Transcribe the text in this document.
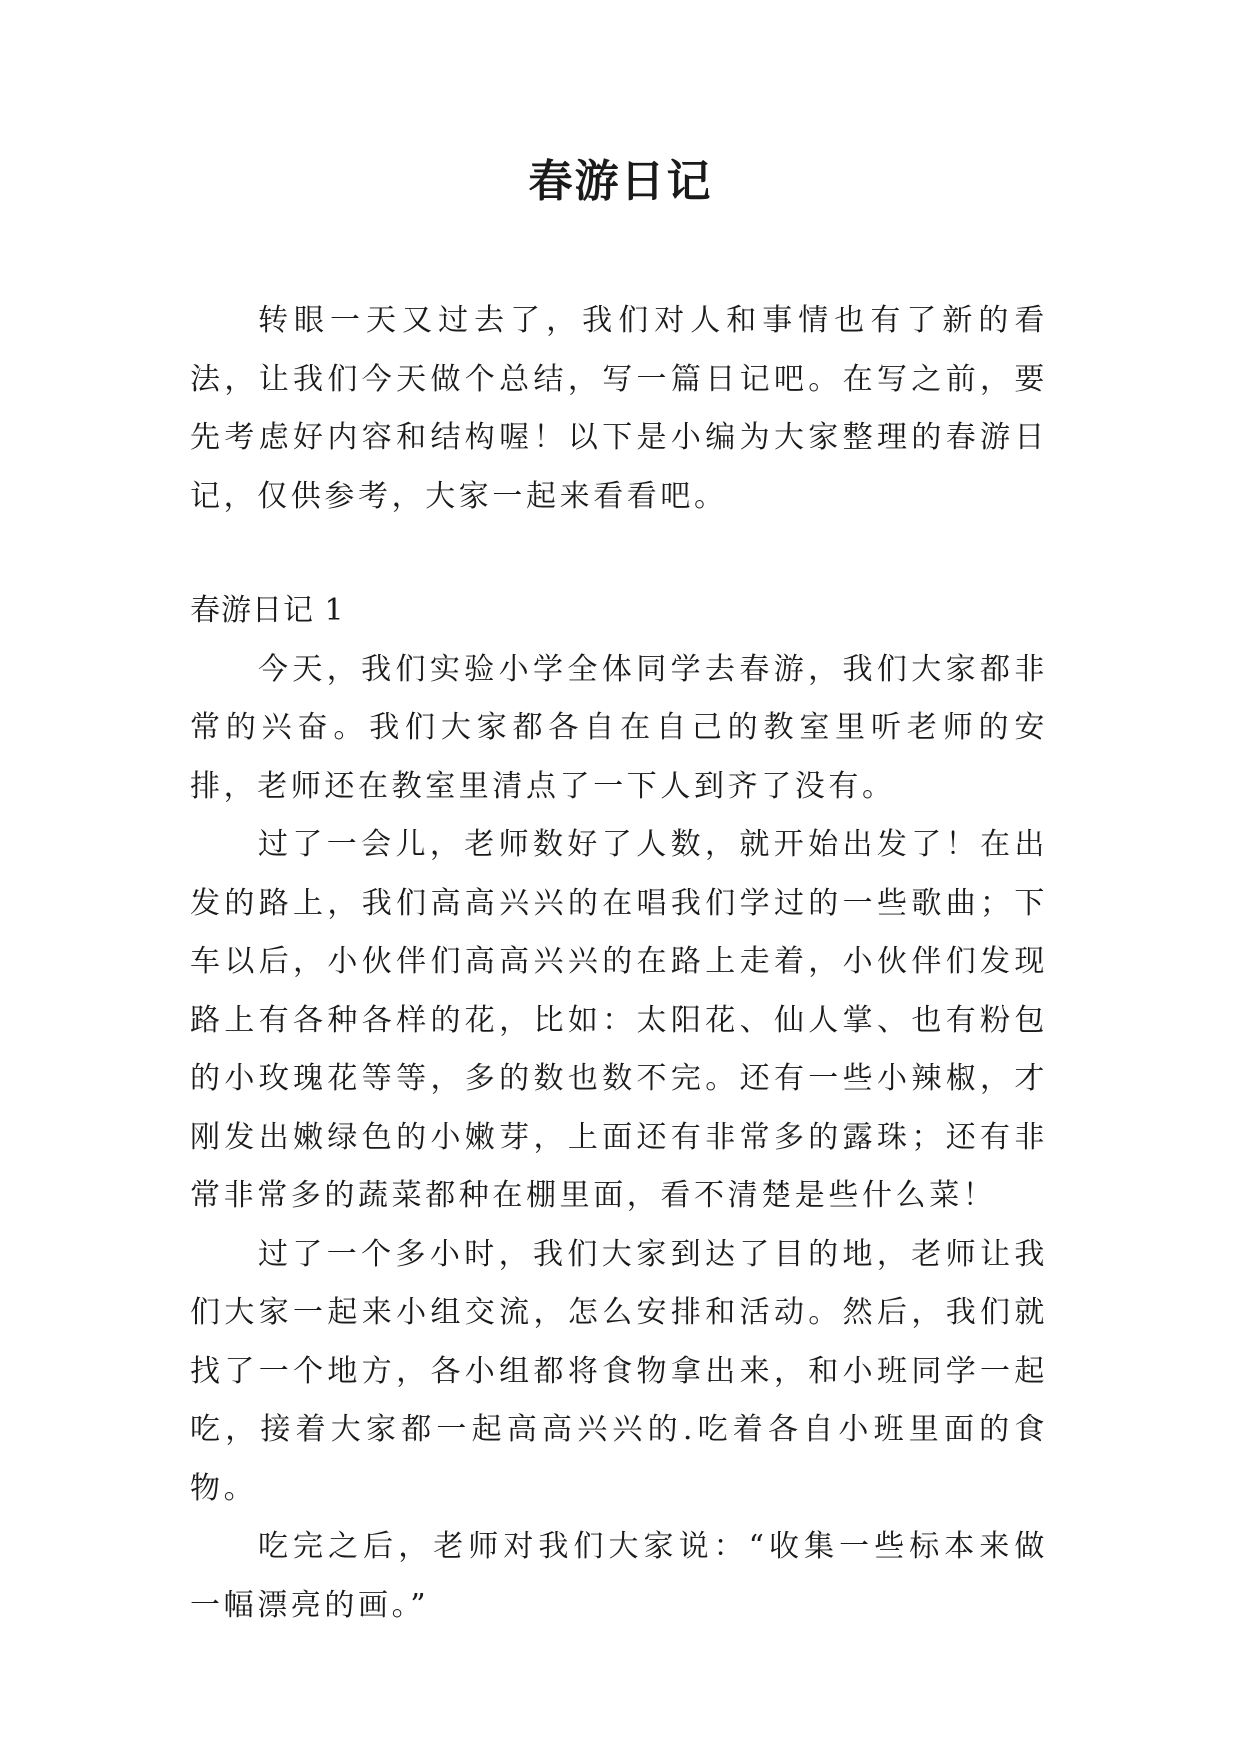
春游日记

转眼一天又过去了，我们对人和事情也有了新的看法，让我们今天做个总结，写一篇日记吧。在写之前，要先考虑好内容和结构喔！以下是小编为大家整理的春游日记，仅供参考，大家一起来看看吧。

春游日记 1

今天，我们实验小学全体同学去春游，我们大家都非常的兴奋。我们大家都各自在自己的教室里听老师的安排，老师还在教室里清点了一下人到齐了没有。

过了一会儿，老师数好了人数，就开始出发了！在出发的路上，我们高高兴兴的在唱我们学过的一些歌曲；下车以后，小伙伴们高高兴兴的在路上走着，小伙伴们发现路上有各种各样的花，比如：太阳花、仙人掌、也有粉包的小玫瑰花等等，多的数也数不完。还有一些小辣椒，才刚发出嫩绿色的小嫩芽，上面还有非常多的露珠；还有非常非常多的蔬菜都种在棚里面，看不清楚是些什么菜！

过了一个多小时，我们大家到达了目的地，老师让我们大家一起来小组交流，怎么安排和活动。然后，我们就找了一个地方，各小组都将食物拿出来，和小班同学一起吃，接着大家都一起高高兴兴的.吃着各自小班里面的食物。

吃完之后，老师对我们大家说：“收集一些标本来做一幅漂亮的画。”
